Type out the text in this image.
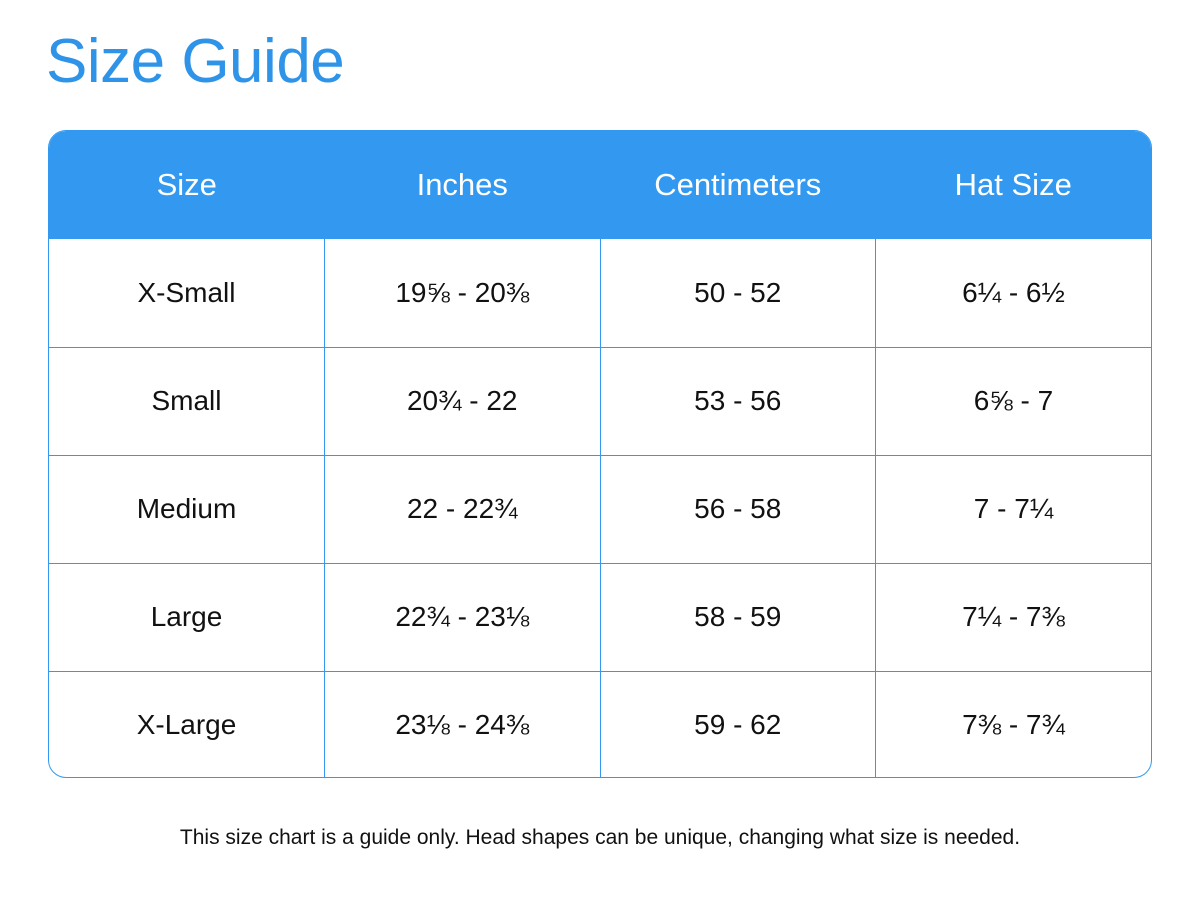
Size Guide
Size	Inches	Centimeters	Hat Size
X-Small	19⅝ - 20⅜	50 - 52	6¼ - 6½
Small	20¾ - 22	53 - 56	6⅝ - 7
Medium	22 - 22¾	56 - 58	7 - 7¼
Large	22¾ - 23⅛	58 - 59	7¼ - 7⅜
X-Large	23⅛ - 24⅜	59 - 62	7⅜ - 7¾

This size chart is a guide only. Head shapes can be unique, changing what size is needed.
